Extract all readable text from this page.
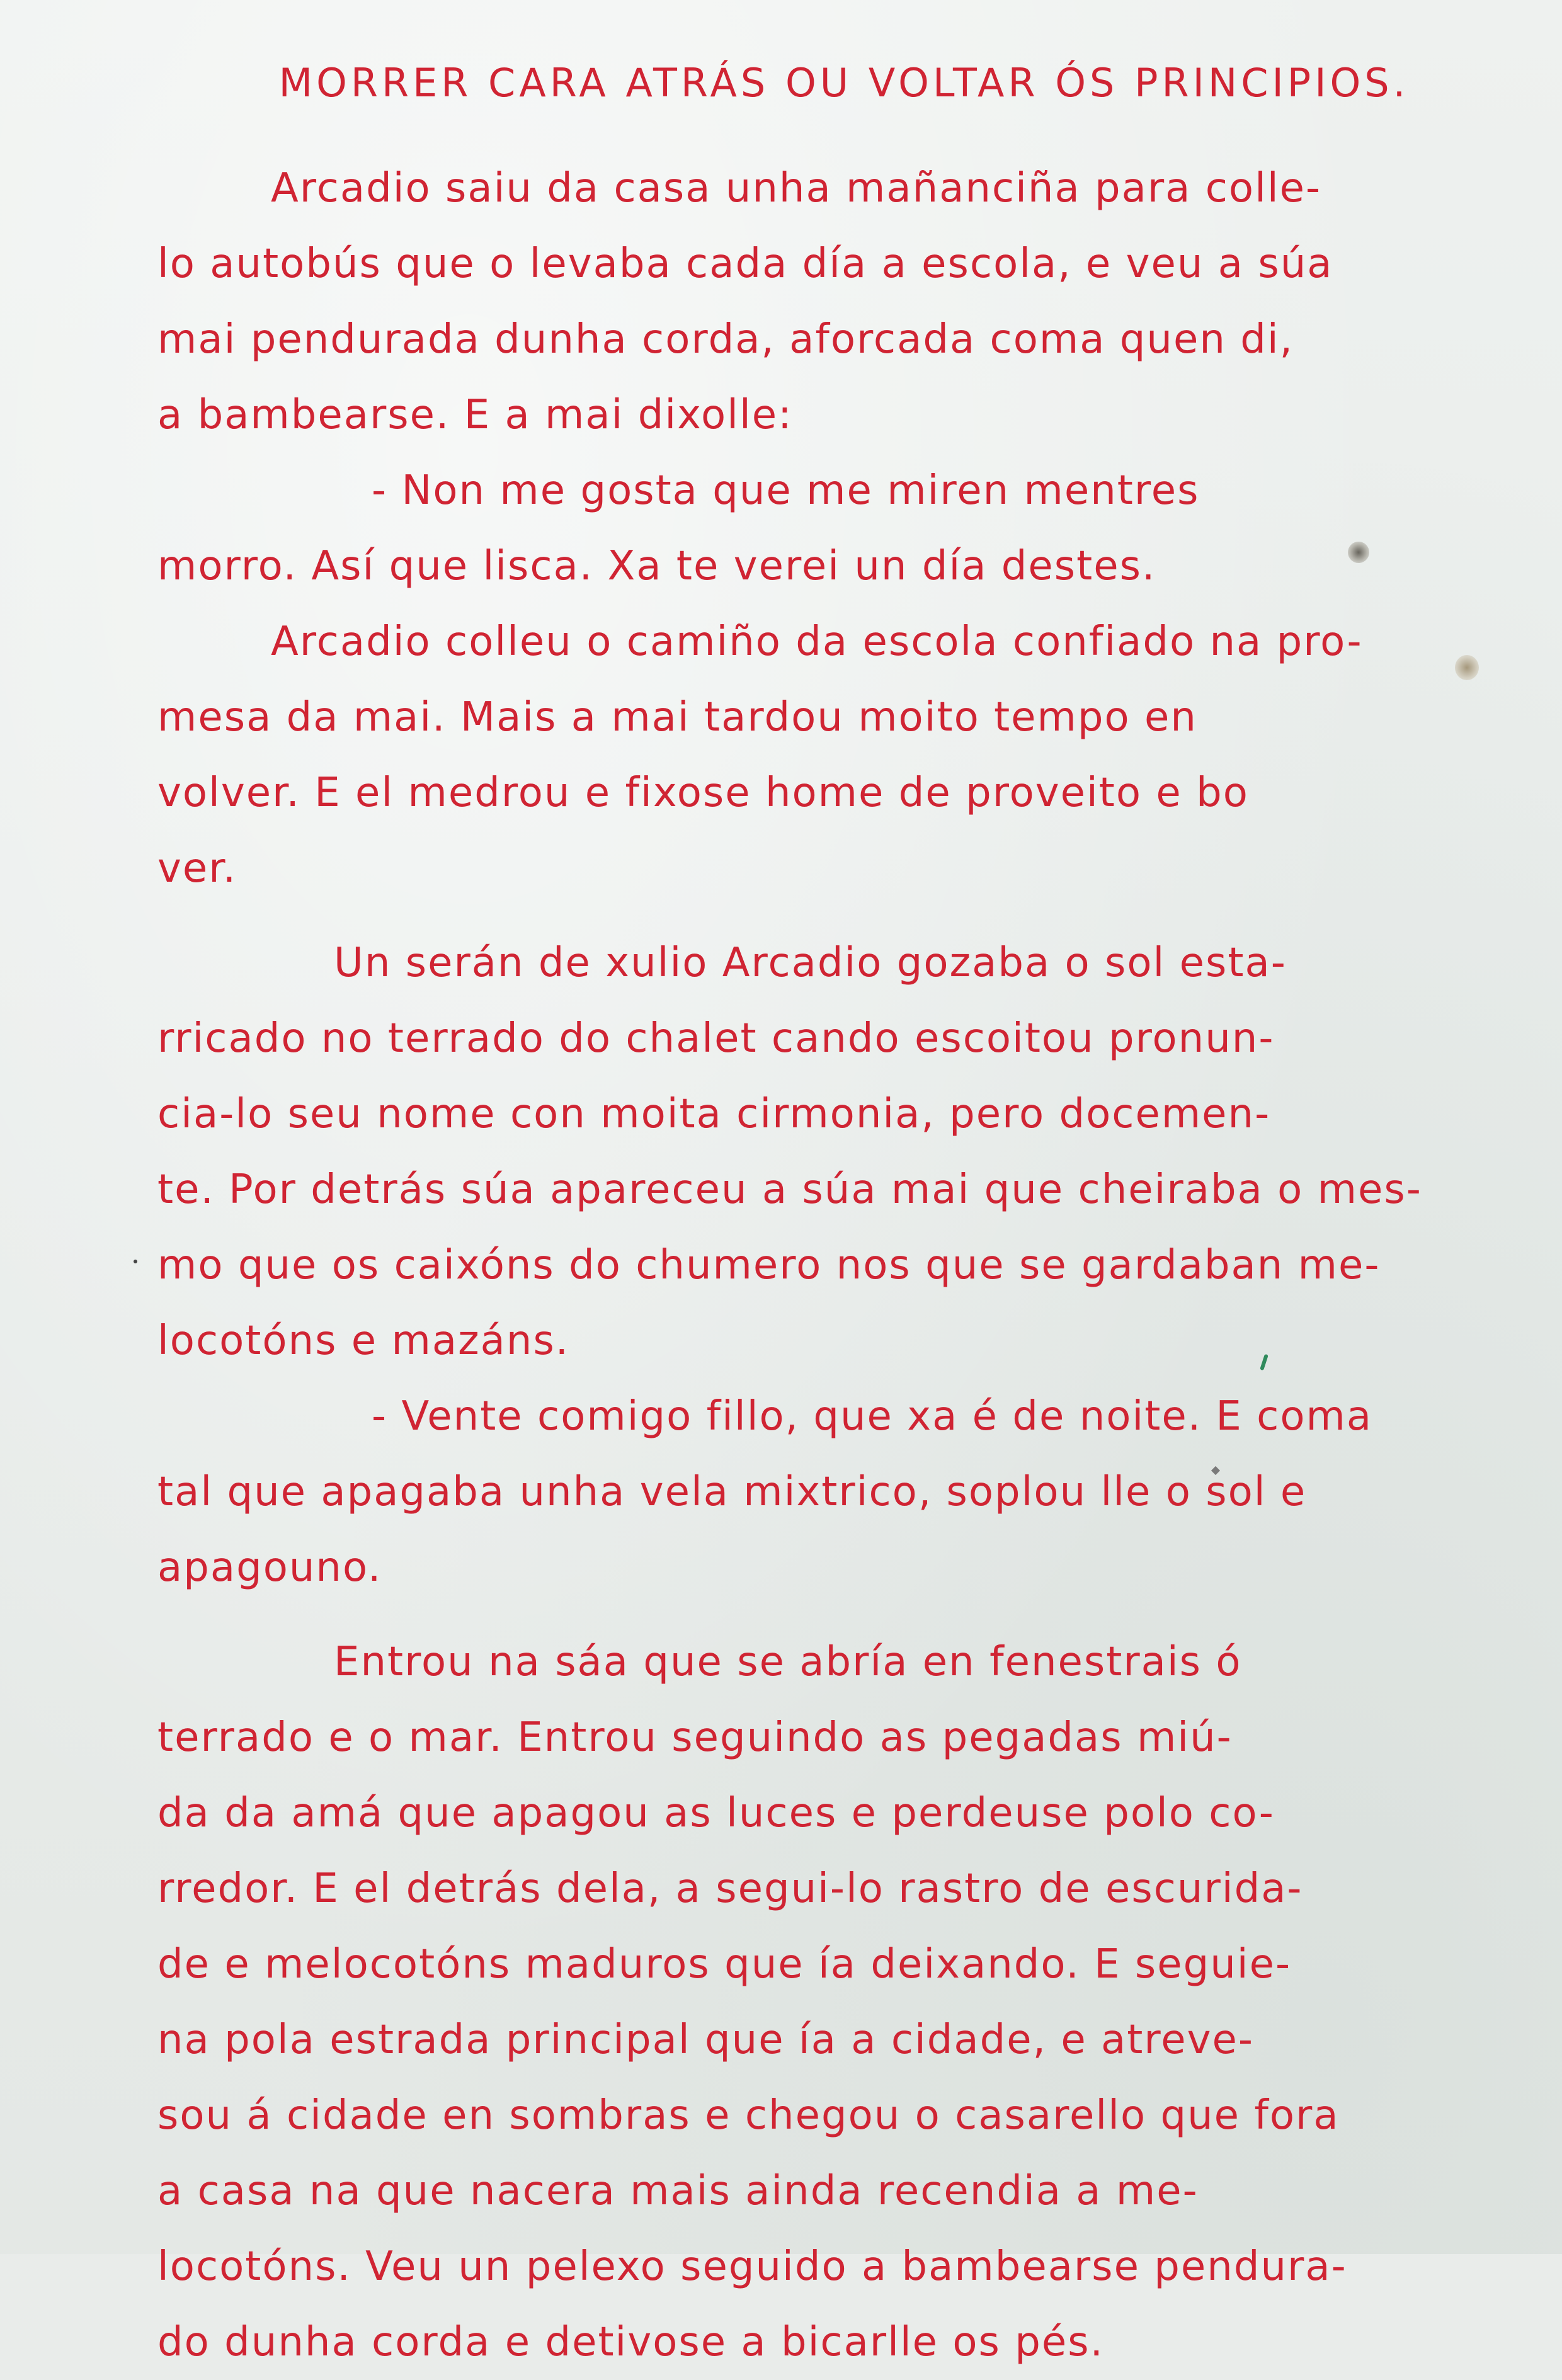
MORRER CARA ATRÁS OU VOLTAR ÓS PRINCIPIOS.
Arcadio saiu da casa unha mañanciña para colle-
lo autobús que o levaba cada día a escola, e veu a súa
mai pendurada dunha corda, aforcada coma quen di,
a bambearse. E a mai dixolle:
- Non me gosta que me miren mentres
morro. Así que lisca. Xa te verei un día destes.
Arcadio colleu o camiño da escola confiado na pro-
mesa da mai. Mais a mai tardou moito tempo en
volver. E el medrou e fixose home de proveito e bo
ver.
Un serán de xulio Arcadio gozaba o sol esta-
rricado no terrado do chalet cando escoitou pronun-
cia-lo seu nome con moita cirmonia, pero docemen-
te. Por detrás súa apareceu a súa mai que cheiraba o mes-
mo que os caixóns do chumero nos que se gardaban me-
locotóns e mazáns.
- Vente comigo fillo, que xa é de noite. E coma
tal que apagaba unha vela mixtrico, soplou lle o sol e
apagouno.
Entrou na sáa que se abría en fenestrais ó
terrado e o mar. Entrou seguindo as pegadas miú-
da da amá que apagou as luces e perdeuse polo co-
rredor. E el detrás dela, a segui-lo rastro de escurida-
de e melocotóns maduros que ía deixando. E seguie-
na pola estrada principal que ía a cidade, e atreve-
sou á cidade en sombras e chegou o casarello que fora
a casa na que nacera mais ainda recendia a me-
locotóns. Veu un pelexo seguido a bambearse pendura-
do dunha corda e detivose a bicarlle os pés.
